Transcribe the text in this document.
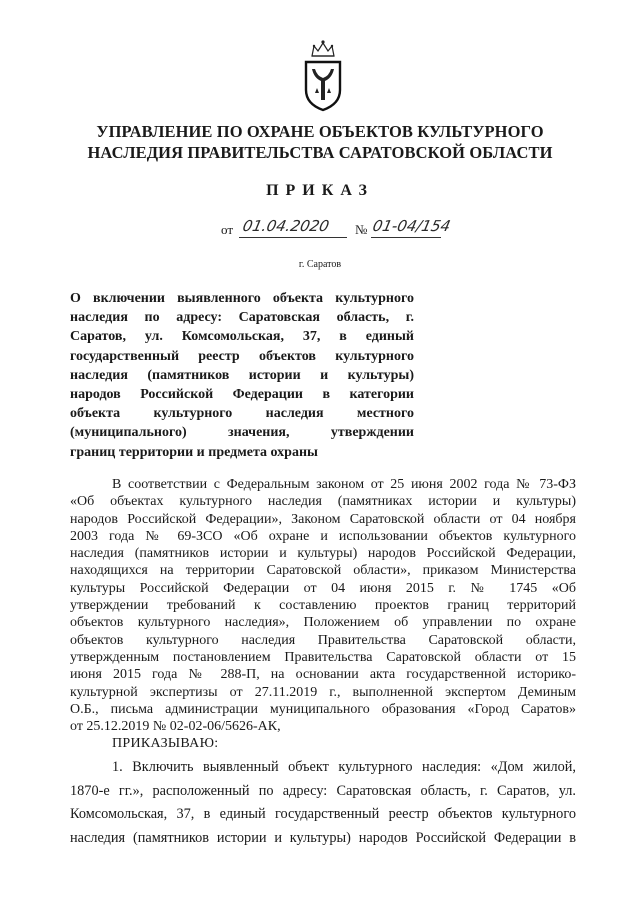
УПРАВЛЕНИЕ ПО ОХРАНЕ ОБЪЕКТОВ КУЛЬТУРНОГО
НАСЛЕДИЯ ПРАВИТЕЛЬСТВА САРАТОВСКОЙ ОБЛАСТИ
ПРИКАЗ
от 01.04.2020 № 01-04/154
г. Саратов
О включении выявленного объекта культурного
наследия по адресу: Саратовская область, г.
Саратов, ул. Комсомольская, 37, в единый
государственный реестр объектов культурного
наследия (памятников истории и культуры)
народов Российской Федерации в категории
объекта культурного наследия местного
(муниципального) значения, утверждении
границ территории и предмета охраны
В соответствии с Федеральным законом от 25 июня 2002 года № 73-ФЗ
«Об объектах культурного наследия (памятниках истории и культуры)
народов Российской Федерации», Законом Саратовской области от 04 ноября
2003 года № 69-ЗСО «Об охране и использовании объектов культурного
наследия (памятников истории и культуры) народов Российской Федерации,
находящихся на территории Саратовской области», приказом Министерства
культуры Российской Федерации от 04 июня 2015 г. № 1745 «Об
утверждении требований к составлению проектов границ территорий
объектов культурного наследия», Положением об управлении по охране
объектов культурного наследия Правительства Саратовской области,
утвержденным постановлением Правительства Саратовской области от 15
июня 2015 года № 288-П, на основании акта государственной историко-
культурной экспертизы от 27.11.2019 г., выполненной экспертом Деминым
О.Б., письма администрации муниципального образования «Город Саратов»
от 25.12.2019 № 02-02-06/5626-АК,
ПРИКАЗЫВАЮ:
1. Включить выявленный объект культурного наследия: «Дом жилой,
1870-е гг.», расположенный по адресу: Саратовская область, г. Саратов, ул.
Комсомольская, 37, в единый государственный реестр объектов культурного
наследия (памятников истории и культуры) народов Российской Федерации в
